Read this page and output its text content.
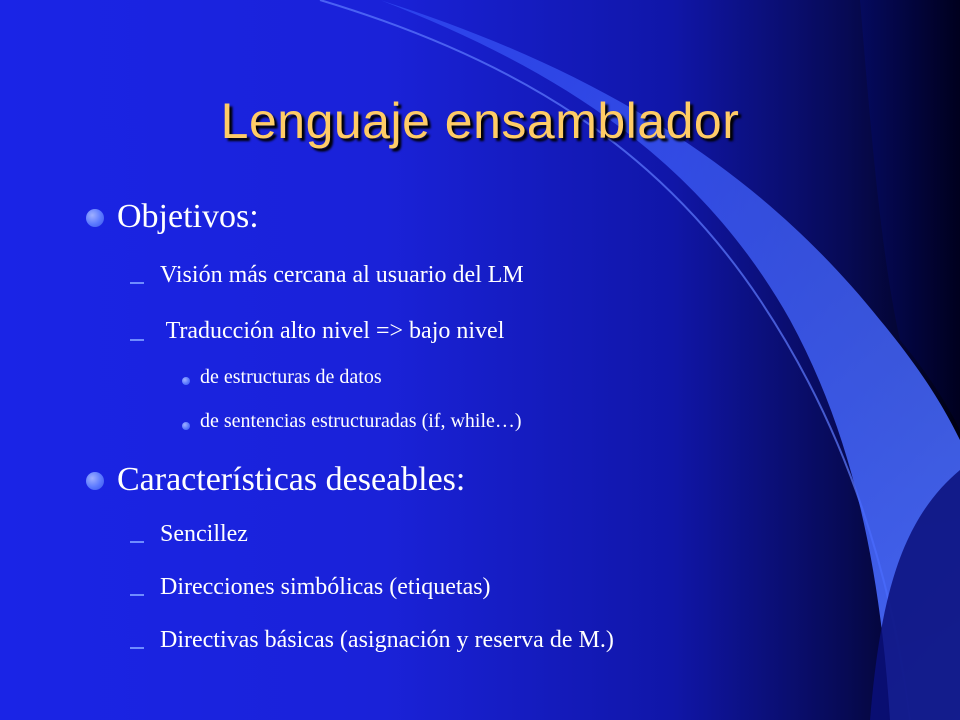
Lenguaje ensamblador
Objetivos:
Visión más cercana al usuario del LM
Traducción alto nivel => bajo nivel
de estructuras de datos
de sentencias estructuradas (if, while…)
Características deseables:
Sencillez
Direcciones simbólicas (etiquetas)
Directivas básicas (asignación y reserva de M.)
